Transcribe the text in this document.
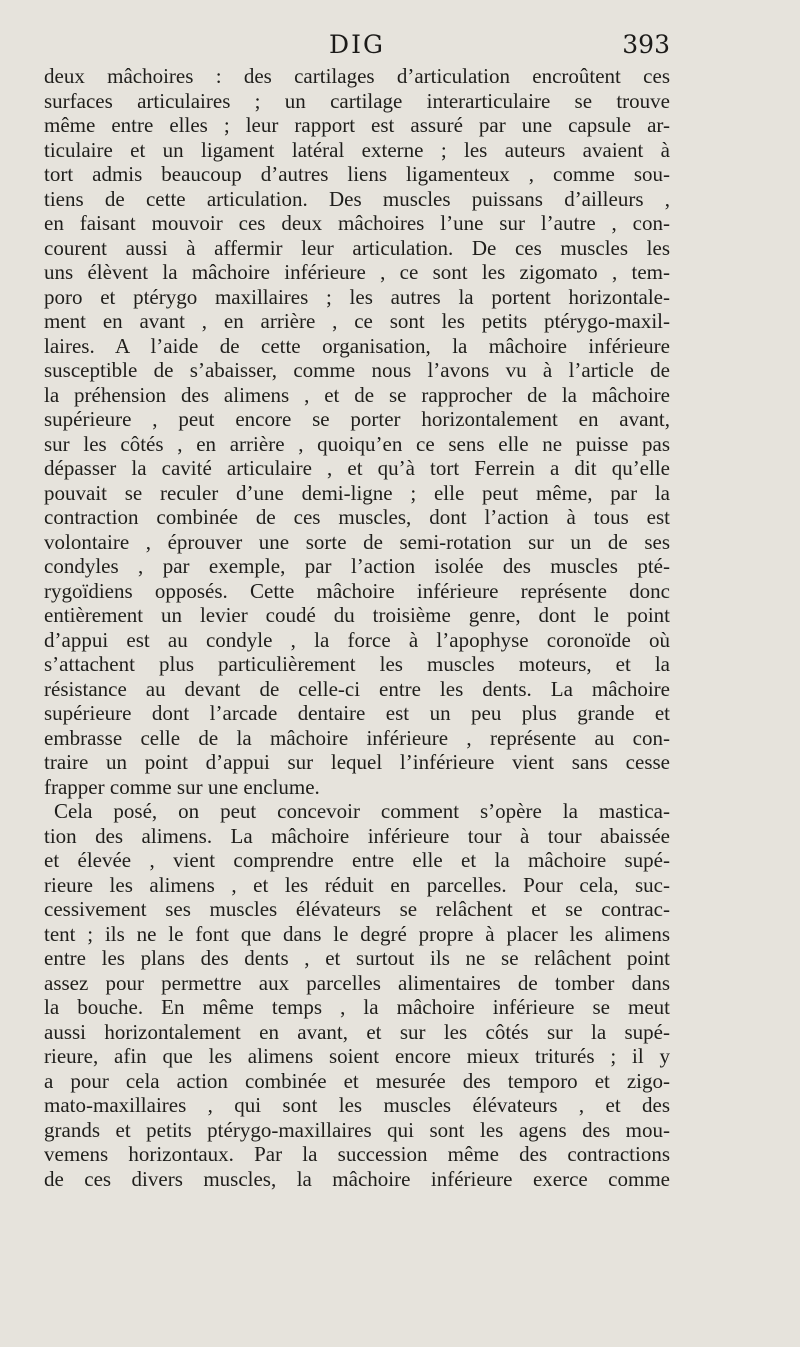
DIG	393
deux mâchoires : des cartilages d’articulation encroûtent ces
surfaces articulaires ; un cartilage interarticulaire se trouve
même entre elles ; leur rapport est assuré par une capsule ar-
ticulaire et un ligament latéral externe ; les auteurs avaient à
tort admis beaucoup d’autres liens ligamenteux , comme sou-
tiens de cette articulation. Des muscles puissans d’ailleurs ,
en faisant mouvoir ces deux mâchoires l’une sur l’autre , con-
courent aussi à affermir leur articulation. De ces muscles les
uns élèvent la mâchoire inférieure , ce sont les zigomato , tem-
poro et ptérygo maxillaires ; les autres la portent horizontale-
ment en avant , en arrière , ce sont les petits ptérygo-maxil-
laires. A l’aide de cette organisation, la mâchoire inférieure
susceptible de s’abaisser, comme nous l’avons vu à l’article de
la préhension des alimens , et de se rapprocher de la mâchoire
supérieure , peut encore se porter horizontalement en avant,
sur les côtés , en arrière , quoiqu’en ce sens elle ne puisse pas
dépasser la cavité articulaire , et qu’à tort Ferrein a dit qu’elle
pouvait se reculer d’une demi-ligne ; elle peut même, par la
contraction combinée de ces muscles, dont l’action à tous est
volontaire , éprouver une sorte de semi-rotation sur un de ses
condyles , par exemple, par l’action isolée des muscles pté-
rygoïdiens opposés. Cette mâchoire inférieure représente donc
entièrement un levier coudé du troisième genre, dont le point
d’appui est au condyle , la force à l’apophyse coronoïde où
s’attachent plus particulièrement les muscles moteurs, et la
résistance au devant de celle-ci entre les dents. La mâchoire
supérieure dont l’arcade dentaire est un peu plus grande et
embrasse celle de la mâchoire inférieure , représente au con-
traire un point d’appui sur lequel l’inférieure vient sans cesse
frapper comme sur une enclume.
Cela posé, on peut concevoir comment s’opère la mastica-
tion des alimens. La mâchoire inférieure tour à tour abaissée
et élevée , vient comprendre entre elle et la mâchoire supé-
rieure les alimens , et les réduit en parcelles. Pour cela, suc-
cessivement ses muscles élévateurs se relâchent et se contrac-
tent ; ils ne le font que dans le degré propre à placer les alimens
entre les plans des dents , et surtout ils ne se relâchent point
assez pour permettre aux parcelles alimentaires de tomber dans
la bouche. En même temps , la mâchoire inférieure se meut
aussi horizontalement en avant, et sur les côtés sur la supé-
rieure, afin que les alimens soient encore mieux triturés ; il y
a pour cela action combinée et mesurée des temporo et zigo-
mato-maxillaires , qui sont les muscles élévateurs , et des
grands et petits ptérygo-maxillaires qui sont les agens des mou-
vemens horizontaux. Par la succession même des contractions
de ces divers muscles, la mâchoire inférieure exerce comme
